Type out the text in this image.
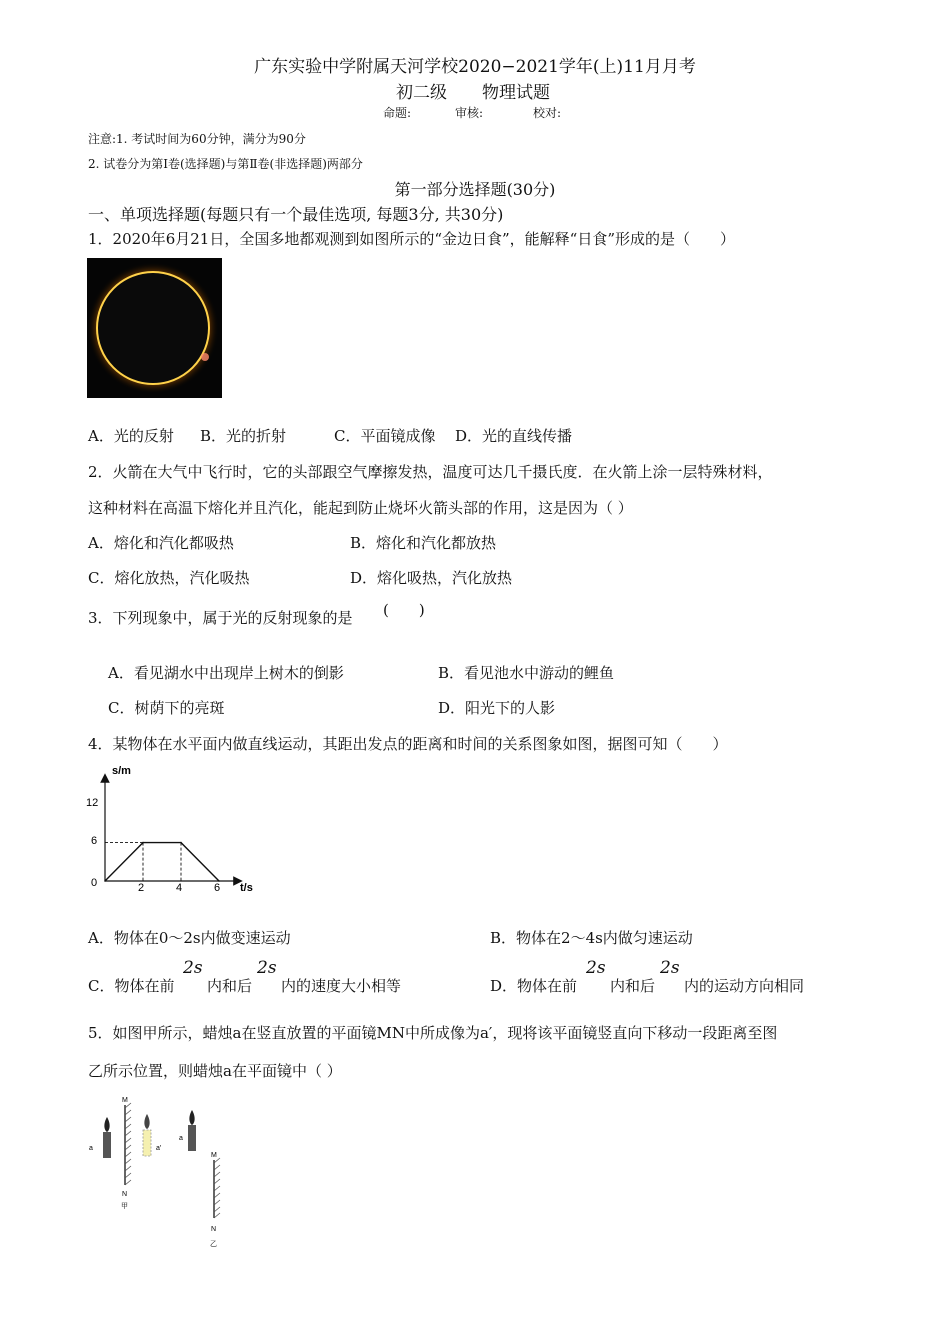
广东实验中学附属天河学校2020−2021学年(上)11月月考
初二级 物理试题
命题:	审核:	校对:
注意:1. 考试时间为60分钟，满分为90分
2. 试卷分为第I卷(选择题)与第Ⅱ卷(非选择题)两部分
第一部分选择题(30分)
一、单项选择题(每题只有一个最佳选项, 每题3分, 共30分)
1．2020年6月21日，全国多地都观测到如图所示的“金边日食”，能解释“日食”形成的是（　　）
A．光的反射 B．光的折射	C．平面镜成像 D．光的直线传播
2．火箭在大气中飞行时，它的头部跟空气摩擦发热，温度可达几千摄氏度．在火箭上涂一层特殊材料，
这种材料在高温下熔化并且汽化，能起到防止烧坏火箭头部的作用，这是因为（ ）
A．熔化和汽化都吸热	B．熔化和汽化都放热
C．熔化放热，汽化吸热	D．熔化吸热，汽化放热
3．下列现象中，属于光的反射现象的是 (　　)
A．看见湖水中出现岸上树木的倒影	B．看见池水中游动的鲤鱼
C．树荫下的亮斑	D．阳光下的人影
4．某物体在水平面内做直线运动，其距出发点的距离和时间的关系图象如图，据图可知（　　）
s/m
t/s
12
6
0	2	4	6
A．物体在0～2s内做变速运动	B．物体在2～4s内做匀速运动
C．物体在前
2s
内和后
2s
内的速度大小相等	D．物体在前
2s
内和后
2s
内的运动方向相同
5．如图甲所示，蜡烛a在竖直放置的平面镜MN中所成像为a′，现将该平面镜竖直向下移动一段距离至图
乙所示位置，则蜡烛a在平面镜中（ ）
M
N
甲
a	a′
a
M
N
乙
